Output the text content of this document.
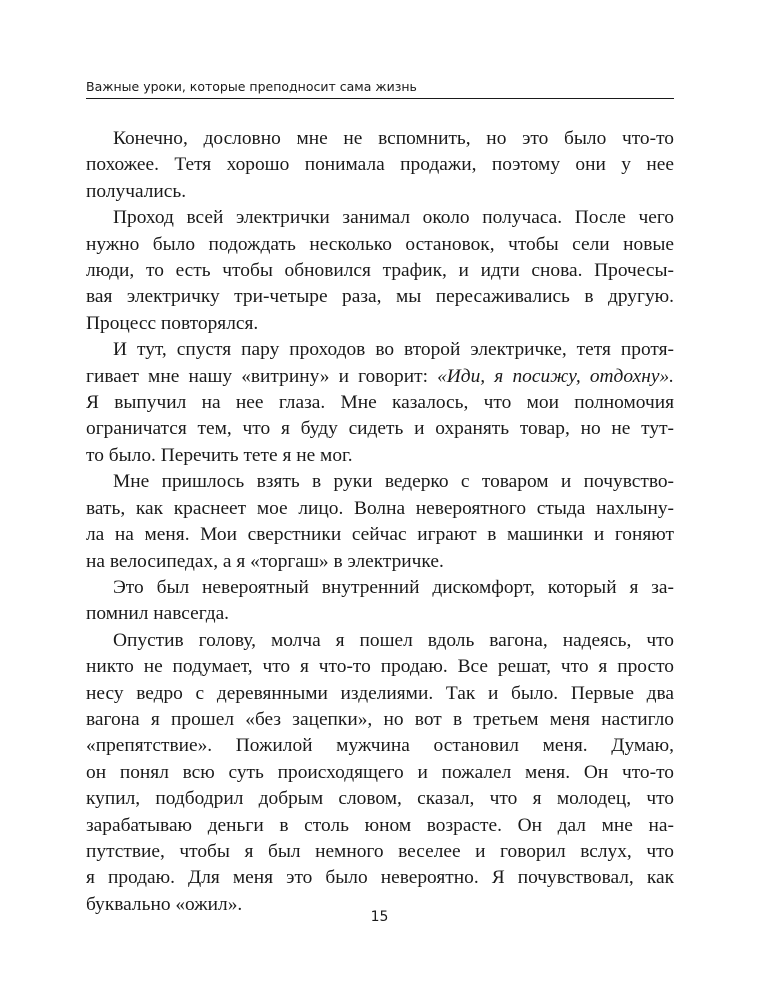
Важные уроки, которые преподносит сама жизнь
Конечно, дословно мне не вспомнить, но это было что-то
похожее. Тетя хорошо понимала продажи, поэтому они у нее
получались.
Проход всей электрички занимал около получаса. После чего
нужно было подождать несколько остановок, чтобы сели новые
люди, то есть чтобы обновился трафик, и идти снова. Прочесы-
вая электричку три-четыре раза, мы пересаживались в другую.
Процесс повторялся.
И тут, спустя пару проходов во второй электричке, тетя протя-
гивает мне нашу «витрину» и говорит: «Иди, я посижу, отдохну».
Я выпучил на нее глаза. Мне казалось, что мои полномочия
ограничатся тем, что я буду сидеть и охранять товар, но не тут-
то было. Перечить тете я не мог.
Мне пришлось взять в руки ведерко с товаром и почувство-
вать, как краснеет мое лицо. Волна невероятного стыда нахлыну-
ла на меня. Мои сверстники сейчас играют в машинки и гоняют
на велосипедах, а я «торгаш» в электричке.
Это был невероятный внутренний дискомфорт, который я за-
помнил навсегда.
Опустив голову, молча я пошел вдоль вагона, надеясь, что
никто не подумает, что я что-то продаю. Все решат, что я просто
несу ведро с деревянными изделиями. Так и было. Первые два
вагона я прошел «без зацепки», но вот в третьем меня настигло
«препятствие». Пожилой мужчина остановил меня. Думаю,
он понял всю суть происходящего и пожалел меня. Он что-то
купил, подбодрил добрым словом, сказал, что я молодец, что
зарабатываю деньги в столь юном возрасте. Он дал мне на-
путствие, чтобы я был немного веселее и говорил вслух, что
я продаю. Для меня это было невероятно. Я почувствовал, как
буквально «ожил».
15
